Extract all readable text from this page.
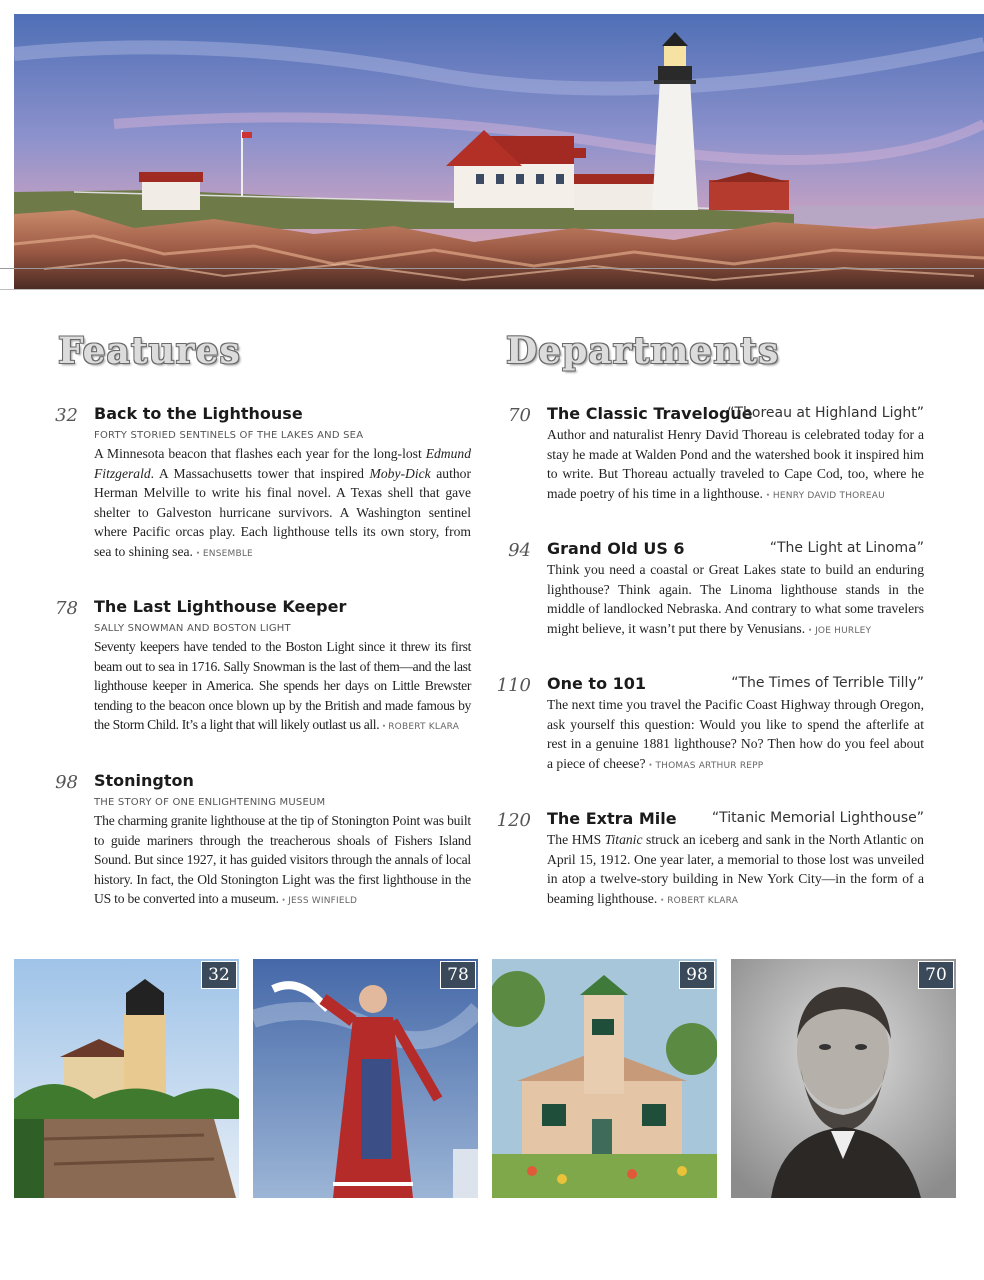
Features	Departments
32 Back to the Lighthouse
FORTY STORIED SENTINELS OF THE LAKES AND SEA
A Minnesota beacon that flashes each year for the long-lost Edmund Fitzgerald. A Massachusetts tower that inspired Moby-Dick author Herman Melville to write his final novel. A Texas shell that gave shelter to Galveston hurricane survivors. A Washington sentinel where Pacific orcas play. Each lighthouse tells its own story, from sea to shining sea. • ENSEMBLE
78 The Last Lighthouse Keeper
SALLY SNOWMAN AND BOSTON LIGHT
Seventy keepers have tended to the Boston Light since it threw its first beam out to sea in 1716. Sally Snowman is the last of them—and the last lighthouse keeper in America. She spends her days on Little Brewster tending to the beacon once blown up by the British and made famous by the Storm Child. It’s a light that will likely outlast us all. • ROBERT KLARA
98 Stonington
THE STORY OF ONE ENLIGHTENING MUSEUM
The charming granite lighthouse at the tip of Stonington Point was built to guide mariners through the treacherous shoals of Fishers Island Sound. But since 1927, it has guided visitors through the annals of local history. In fact, the Old Stonington Light was the first lighthouse in the US to be converted into a museum. • JESS WINFIELD
70 The Classic Travelogue
“Thoreau at Highland Light”
Author and naturalist Henry David Thoreau is celebrated today for a stay he made at Walden Pond and the watershed book it inspired him to write. But Thoreau actually traveled to Cape Cod, too, where he made poetry of his time in a lighthouse. • HENRY DAVID THOREAU
94 Grand Old US 6	“The Light at Linoma”
Think you need a coastal or Great Lakes state to build an enduring lighthouse? Think again. The Linoma lighthouse stands in the middle of landlocked Nebraska. And contrary to what some travelers might believe, it wasn’t put there by Venusians. • JOE HURLEY
110 One to 101	“The Times of Terrible Tilly”
The next time you travel the Pacific Coast Highway through Oregon, ask yourself this question: Would you like to spend the afterlife at rest in a genuine 1881 lighthouse? No? Then how do you feel about a piece of cheese? • THOMAS ARTHUR REPP
120 The Extra Mile	“Titanic Memorial Lighthouse”
The HMS Titanic struck an iceberg and sank in the North Atlantic on April 15, 1912. One year later, a memorial to those lost was unveiled in atop a twelve-story building in New York City—in the form of a beaming lighthouse. • ROBERT KLARA
32	78	98	70
